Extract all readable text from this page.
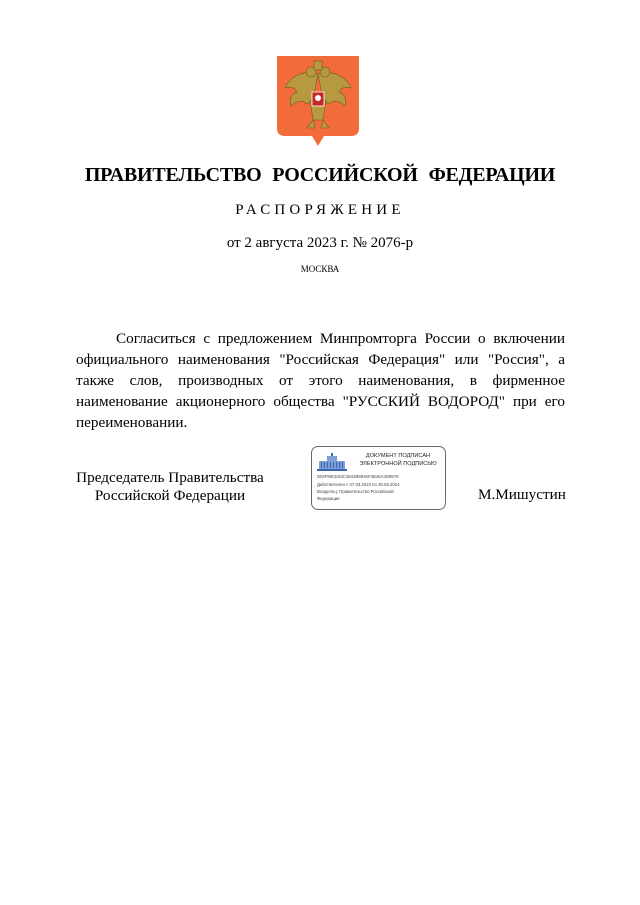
ПРАВИТЕЛЬСТВО РОССИЙСКОЙ ФЕДЕРАЦИИ
РАСПОРЯЖЕНИЕ
от 2 августа 2023 г. № 2076-р
МОСКВА
Согласиться с предложением Минпромторга России о включении официального наименования "Российская Федерация" или "Россия", а также слов, производных от этого наименования, в фирменное наименование акционерного общества "РУССКИЙ ВОДОРОД" при его переименовании.
Председатель Правительства
Российской Федерации
ДОКУМЕНТ ПОДПИСАН
ЭЛЕКТРОННОЙ ПОДПИСЬЮ
2E6F99CE53C4842B8636F3B46A3D867E
Действителен с 07.03.2023 по 30.05.2024
Владелец: Правительство Российской
Федерации	М.Мишустин
